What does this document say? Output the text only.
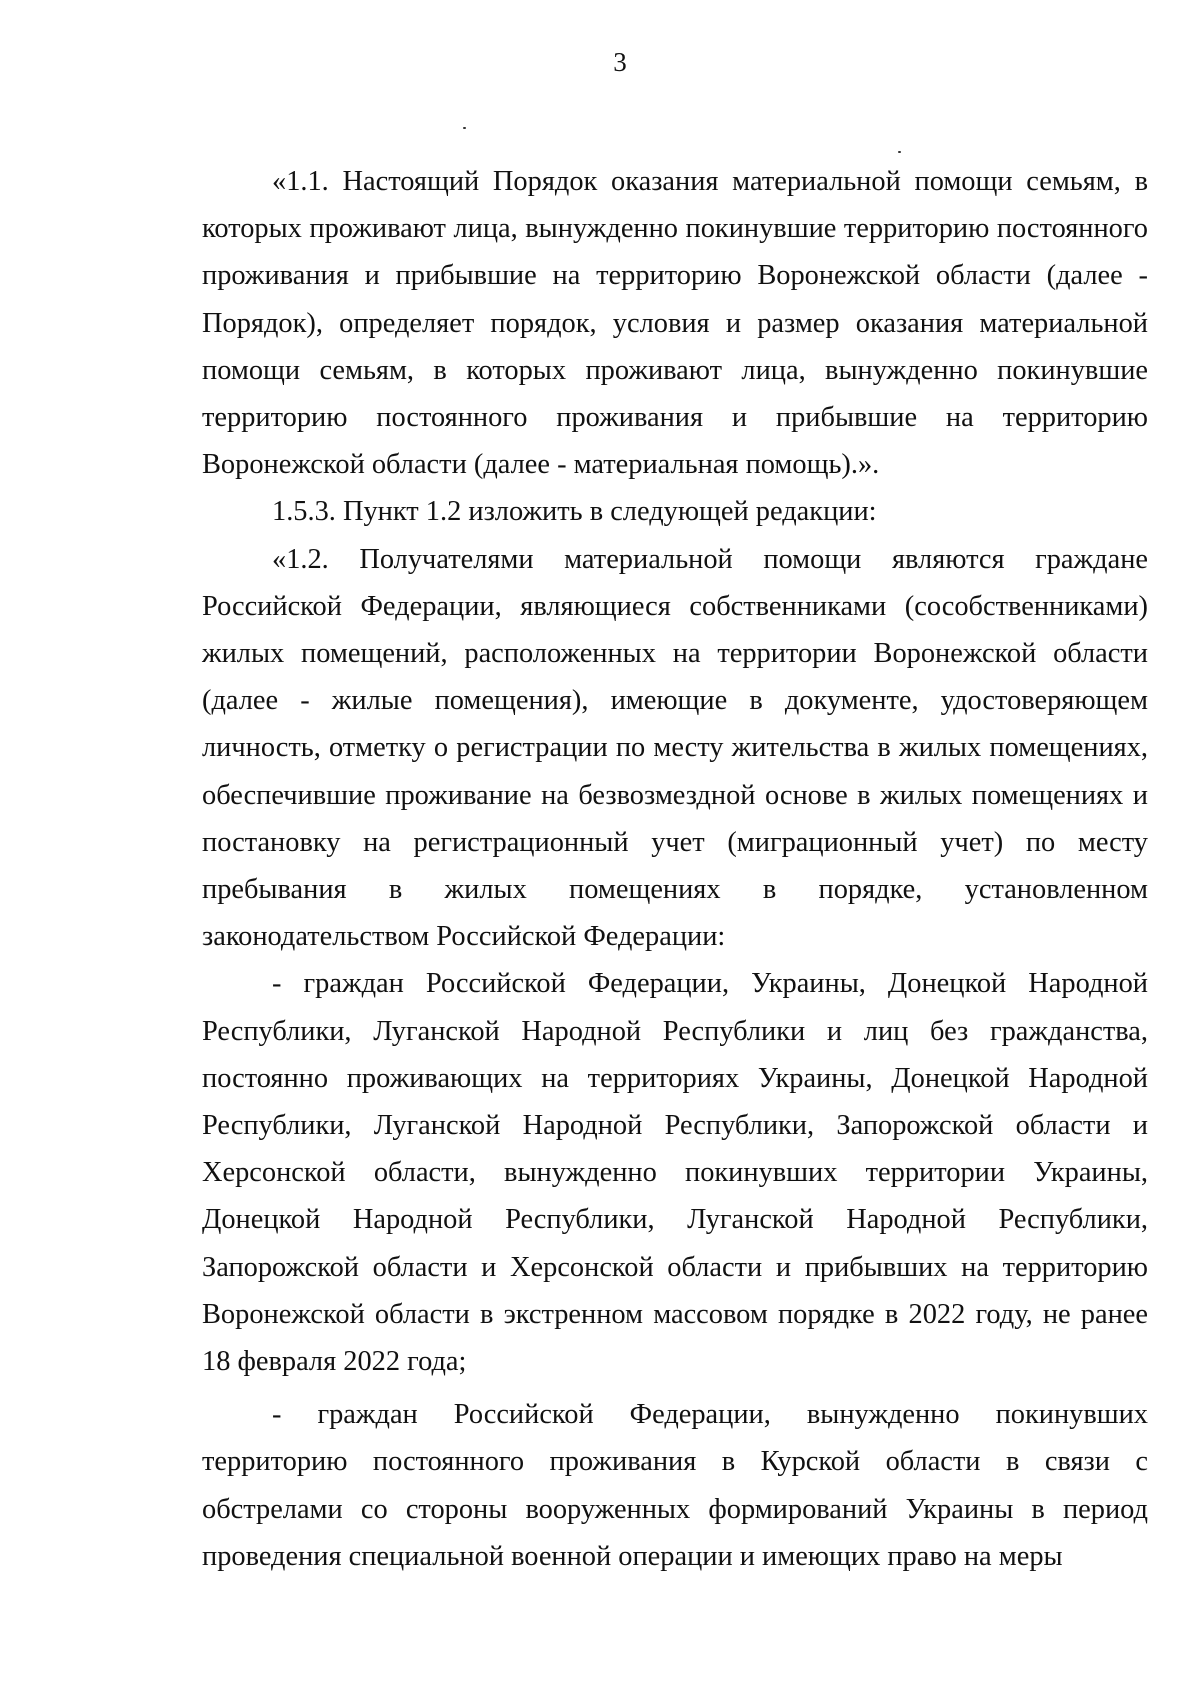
3

«1.1. Настоящий Порядок оказания материальной помощи семьям, в которых проживают лица, вынужденно покинувшие территорию постоянного проживания и прибывшие на территорию Воронежской области (далее - Порядок), определяет порядок, условия и размер оказания материальной помощи семьям, в которых проживают лица, вынужденно покинувшие территорию постоянного проживания и прибывшие на территорию Воронежской области (далее - материальная помощь).».

1.5.3. Пункт 1.2 изложить в следующей редакции:

«1.2. Получателями материальной помощи являются граждане Российской Федерации, являющиеся собственниками (сособственниками) жилых помещений, расположенных на территории Воронежской области (далее - жилые помещения), имеющие в документе, удостоверяющем личность, отметку о регистрации по месту жительства в жилых помещениях, обеспечившие проживание на безвозмездной основе в жилых помещениях и постановку на регистрационный учет (миграционный учет) по месту пребывания в жилых помещениях в порядке, установленном законодательством Российской Федерации:

- граждан Российской Федерации, Украины, Донецкой Народной Республики, Луганской Народной Республики и лиц без гражданства, постоянно проживающих на территориях Украины, Донецкой Народной Республики, Луганской Народной Республики, Запорожской области и Херсонской области, вынужденно покинувших территории Украины, Донецкой Народной Республики, Луганской Народной Республики, Запорожской области и Херсонской области и прибывших на территорию Воронежской области в экстренном массовом порядке в 2022 году, не ранее 18 февраля 2022 года;

- граждан Российской Федерации, вынужденно покинувших территорию постоянного проживания в Курской области в связи с обстрелами со стороны вооруженных формирований Украины в период проведения специальной военной операции и имеющих право на меры
